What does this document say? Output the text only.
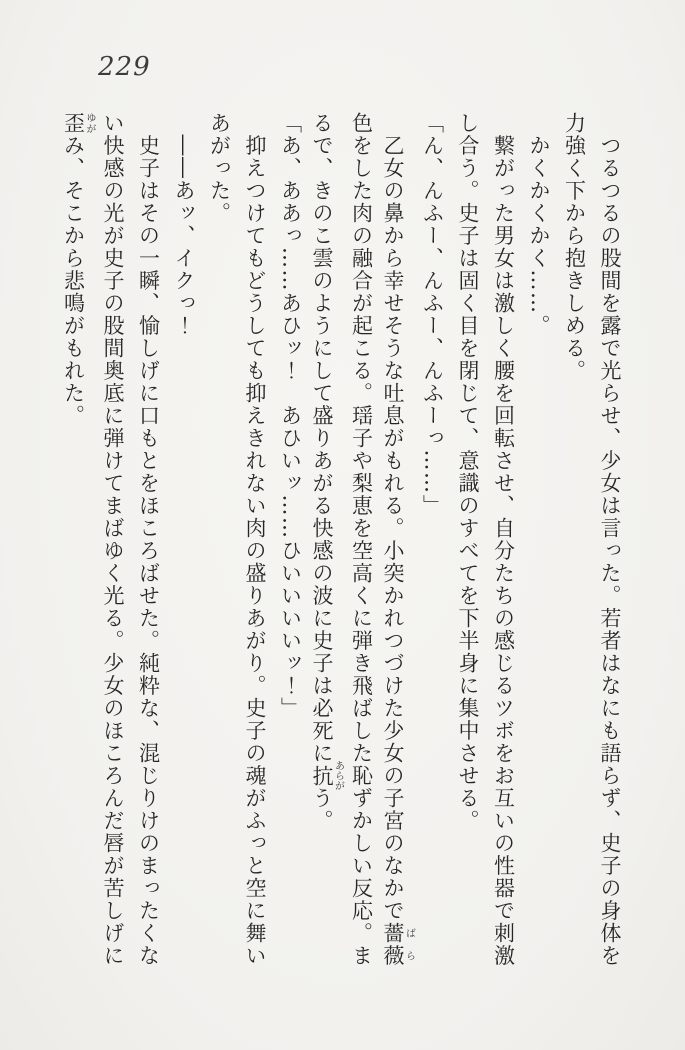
229
　つるつるの股間を露で光らせ、少女は言った。若者はなにも語らず、史子の身体を
力強く下から抱きしめる。
　かくかくかく……。
　繋がった男女は激しく腰を回転させ、自分たちの感じるツボをお互いの性器で刺激
し合う。史子は固く目を閉じて、意識のすべてを下半身に集中させる。
「ん、んふー、んふー、んふーっ……」
　乙女の鼻から幸せそうな吐息がもれる。小突かれつづけた少女の子宮のなかで薔薇ばら
色をした肉の融合が起こる。瑶子や梨恵を空高くに弾き飛ばした恥ずかしい反応。ま
るで、きのこ雲のようにして盛りあがる快感の波に史子は必死に抗あらがう。
「あ、ああっ……あひッ！　あひいッ……ひいいいいッ！」
　抑えつけてもどうしても抑えきれない肉の盛りあがり。史子の魂がふっと空に舞い
あがった。
　――あッ、イクっ！
　史子はその一瞬、愉しげに口もとをほころばせた。純粋な、混じりけのまったくな
い快感の光が史子の股間奥底に弾けてまばゆく光る。少女のほころんだ唇が苦しげに
歪ゆがみ、そこから悲鳴がもれた。
